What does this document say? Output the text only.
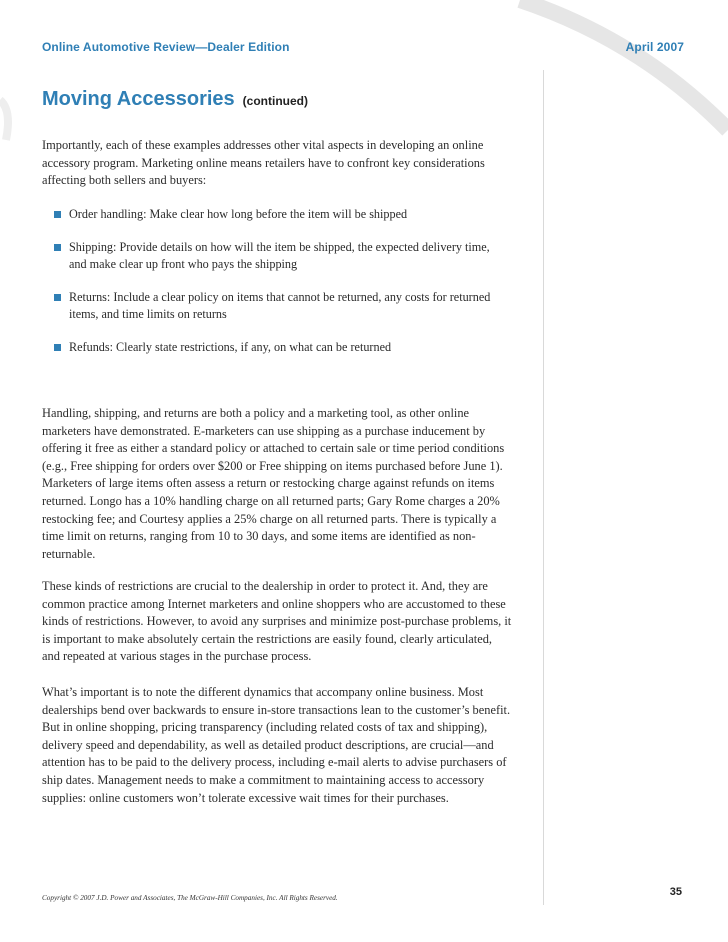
Online Automotive Review—Dealer Edition	April 2007
Moving Accessories (continued)

Importantly, each of these examples addresses other vital aspects in developing an online accessory program. Marketing online means retailers have to confront key considerations affecting both sellers and buyers:

Order handling: Make clear how long before the item will be shipped
Shipping: Provide details on how will the item be shipped, the expected delivery time, and make clear up front who pays the shipping
Returns: Include a clear policy on items that cannot be returned, any costs for returned items, and time limits on returns
Refunds: Clearly state restrictions, if any, on what can be returned

Handling, shipping, and returns are both a policy and a marketing tool, as other online marketers have demonstrated. E-marketers can use shipping as a purchase inducement by offering it free as either a standard policy or attached to certain sale or time period conditions (e.g., Free shipping for orders over $200 or Free shipping on items purchased before June 1). Marketers of large items often assess a return or restocking charge against refunds on items returned. Longo has a 10% handling charge on all returned parts; Gary Rome charges a 20% restocking fee; and Courtesy applies a 25% charge on all returned parts. There is typically a time limit on returns, ranging from 10 to 30 days, and some items are identified as non-returnable.

These kinds of restrictions are crucial to the dealership in order to protect it. And, they are common practice among Internet marketers and online shoppers who are accustomed to these kinds of restrictions. However, to avoid any surprises and minimize post-purchase problems, it is important to make absolutely certain the restrictions are easily found, clearly articulated, and repeated at various stages in the purchase process.

What’s important is to note the different dynamics that accompany online business. Most dealerships bend over backwards to ensure in-store transactions lean to the customer’s benefit. But in online shopping, pricing transparency (including related costs of tax and shipping), delivery speed and dependability, as well as detailed product descriptions, are crucial—and attention has to be paid to the delivery process, including e-mail alerts to advise purchasers of ship dates. Management needs to make a commitment to maintaining access to accessory supplies: online customers won’t tolerate excessive wait times for their purchases.

Copyright © 2007 J.D. Power and Associates, The McGraw-Hill Companies, Inc. All Rights Reserved.	35
